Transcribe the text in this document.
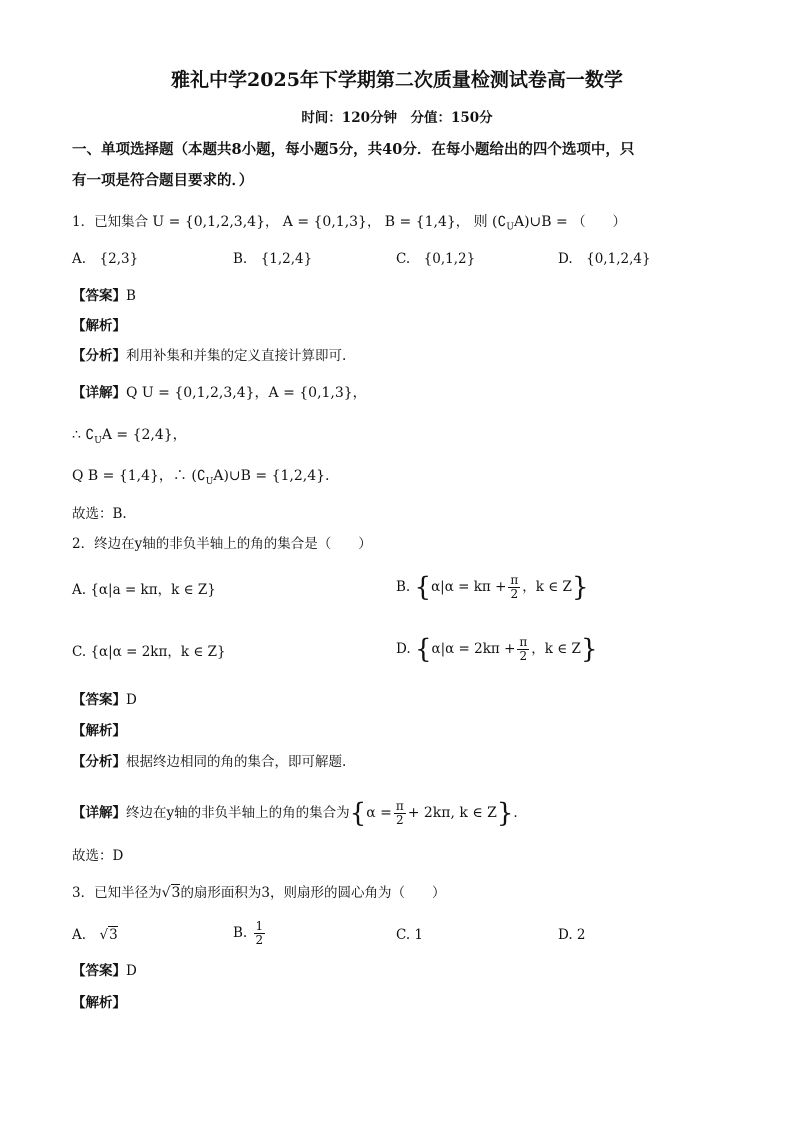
雅礼中学2025年下学期第二次质量检测试卷高一数学
时间：120分钟　分值：150分
一、单项选择题（本题共8小题，每小题5分，共40分．在每小题给出的四个选项中，只
有一项是符合题目要求的．）
1．已知集合 U = {0,1,2,3,4}， A = {0,1,3}， B = {1,4}， 则 $(∁_UA)\cup B$ = （　　）
A.　{2,3}	B.　{1,2,4}	C.　{0,1,2}	D.　{0,1,2,4}
【答案】B
【解析】
【分析】利用补集和并集的定义直接计算即可.
【详解】Q U = {0,1,2,3,4}，A = {0,1,3}，
∴ $∁_UA = \{2,4\}$，
Q B = {1,4}，∴ $(∁_UA)\cup B = \{1,2,4\}$.
故选：B.
2．终边在y轴的非负半轴上的角的集合是（　　）
A. {α|a = kπ，k ∈ Z}	B. {$\alpha|\alpha = k\pi + \frac{\pi}{2}$ ，k ∈ Z}
C. {α|α = 2kπ，k ∈ Z}	D. {$\alpha|\alpha = 2k\pi + \frac{\pi}{2}$ ，k ∈ Z}
【答案】D
【解析】
【分析】根据终边相同的角的集合，即可解题.
【详解】终边在y轴的非负半轴上的角的集合为{$\alpha = \frac{\pi}{2} + 2k\pi$, k ∈ Z}.
故选：D
3．已知半径为√3的扇形面积为3，则扇形的圆心角为（　　）
A.　√3	B. $\frac{1}{2}$	C. 1	D. 2
【答案】D
【解析】
